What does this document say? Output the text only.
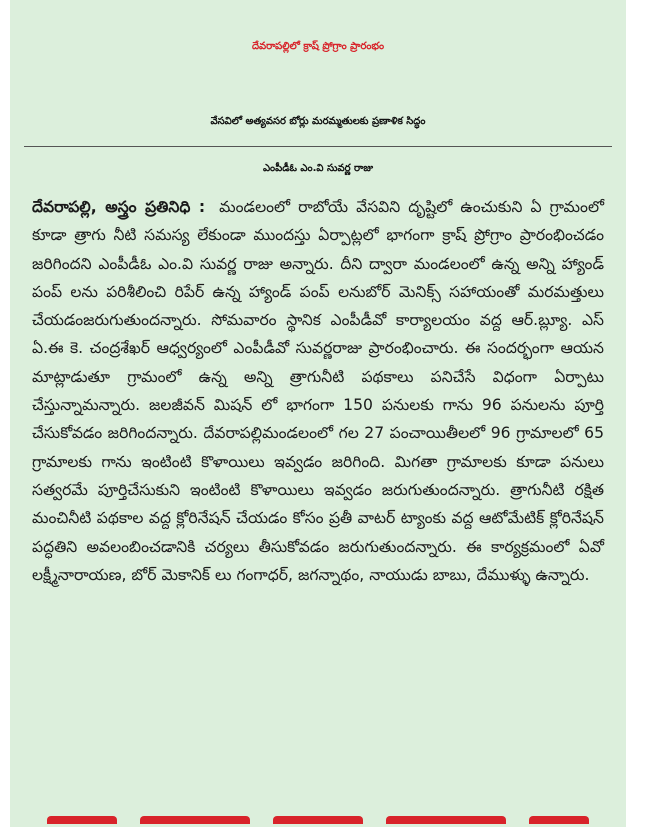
దేవరాపల్లిలో క్రాష్ ప్రోగ్రాం ప్రారంభం
వేసవిలో అత్యవసర బోర్లు మరమ్మతులకు ప్రణాళిక సిద్ధం
ఎంపీడీఓ ఎం.వి సువర్ణ రాజు

దేవరాపల్లి, అస్త్రం ప్రతినిధి : మండలంలో రాబోయే వేసవిని దృష్టిలో ఉంచుకుని ఏ గ్రామంలో కూడా త్రాగు నీటి సమస్య లేకుండా ముందస్తు ఏర్పాట్లలో భాగంగా క్రాష్ ప్రోగ్రాం ప్రారంభించడం జరిగిందని ఎంపీడీఓ ఎం.వి సువర్ణ రాజు అన్నారు. దీని ద్వారా మండలంలో ఉన్న అన్ని హ్యాండ్ పంప్ లను పరిశీలించి రిపేర్ ఉన్న హ్యాండ్ పంప్ లనుబోర్ మెనిక్స్ సహాయంతో మరమత్తులు చేయడంజరుగుతుందన్నారు. సోమవారం స్థానిక ఎంపీడీవో కార్యాలయం వద్ద ఆర్.బ్ల్యూ. ఎస్ ఏ.ఈ కె. చంద్రశేఖర్ ఆధ్వర్యంలో ఎంపీడీవో సువర్ణరాజు ప్రారంభించారు. ఈ సందర్భంగా ఆయన మాట్లాడుతూ గ్రామంలో ఉన్న అన్ని త్రాగునీటి పథకాలు పనిచేసే విధంగా ఏర్పాటు చేస్తున్నామన్నారు. జలజీవన్ మిషన్ లో భాగంగా 150 పనులకు గాను 96 పనులను పూర్తి చేసుకోవడం జరిగిందన్నారు. దేవరాపల్లిమండలంలో గల 27 పంచాయితీలలో 96 గ్రామాలలో 65 గ్రామాలకు గాను ఇంటింటి కొళాయిలు ఇవ్వడం జరిగింది. మిగతా గ్రామాలకు కూడా పనులు సత్వరమే పూర్తిచేసుకుని ఇంటింటి కొళాయిలు ఇవ్వడం జరుగుతుందన్నారు. త్రాగునీటి రక్షిత మంచినీటి పథకాల వద్ద క్లోరినేషన్ చేయడం కోసం ప్రతీ వాటర్ ట్యాంకు వద్ద ఆటోమేటిక్ క్లోరినేషన్ పద్ధతిని అవలంబించడానికి చర్యలు తీసుకోవడం జరుగుతుందన్నారు. ఈ కార్యక్రమంలో ఏవో లక్ష్మీనారాయణ, బోర్ మెకానిక్ లు గంగాధర్, జగన్నాథం, నాయుడు బాబు, దేముళ్ళు ఉన్నారు.
